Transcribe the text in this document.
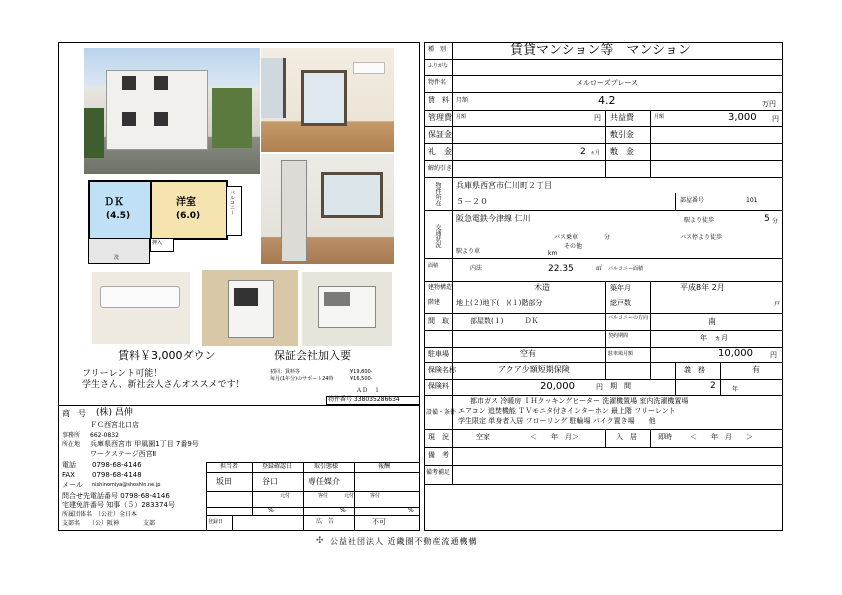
ＤＫ
(4.5)
洋室
(6.0)
バルコニー
押入
洗
賃料￥3,000ダウン	保証会社加入要
フリーレント可能！
学生さん、新社会人さんオススメです！
初回：賃料等
毎月(1年分)のサポート24時
¥19,800-
¥16,500-
ＡＤ　１
物件番号 338035286634
商　号 (株) 昌伸
ＦＣ西宮北口店
事務所 662-0832
所在地 兵庫県西宮市 甲風園1丁目 7番9号
ワークステージ西宮Ⅱ
電話 0798-68-4146
FAX 0798-68-4148
メール nishinomiya@shoshin.ne.jp
問合せ先電話番号 0798-68-4146
宅建免許番号 知事（５）283374号
所属団体名　（公社）全日本
支部名　　（公）阪神　　　　支部
担当者	登録確認日	取引態様	報酬
坂田	谷口	専任媒介
元付	客付	元付	客付
%	%	%
登録日	広　告	不可
種　別	賃貸マンション等　マンション
ふりがな
物件名	メルローズプレース
賃　料 月額	4.2	万円
管理費 月額	円 共益費	月額	3,000 円
保証金	敷引金
礼　金	2 ヵ月 敷　金
解約引き
物件所在 兵庫県西宮市仁川町２丁目
５－２０	部屋番号	101
交通状況
阪急電鉄今津線 仁川	駅より徒歩	5 分
バス乗車	分	バス停より徒歩
駅より車	km
その他
面積	内法	22.35	㎡ バルコニー面積
建物構造	木造	築年月	平成8年 2月
地上(２)地下(　)(１)階部分
階建	総戸数	戸
間　取	部屋数(１)　　　ＤＫ	バルコニーの方向	南
契約期間	年　ヵ月
駐車場	空有	駐車場月額	10,000 円
保険名称	アクア少額短期保険	義　務	有
保険料	20,000	円 期　間	2	年
設備・条件
都市ガス 冷暖房 ＩＨクッキングヒーター 洗濯機置場 室内洗濯機置場
エアコン 追焚機能 ＴＶモニタ付きインターホン 最上階 フリーレント
学生限定 単身者入居 フローリング 駐輪場 バイク置き場　　他
現　況	空家	＜　　年　月＞	入　居	即時	＜　　年　月　　＞
備　考
備考補足
✣ 公益社団法人 近畿圏不動産流通機構
